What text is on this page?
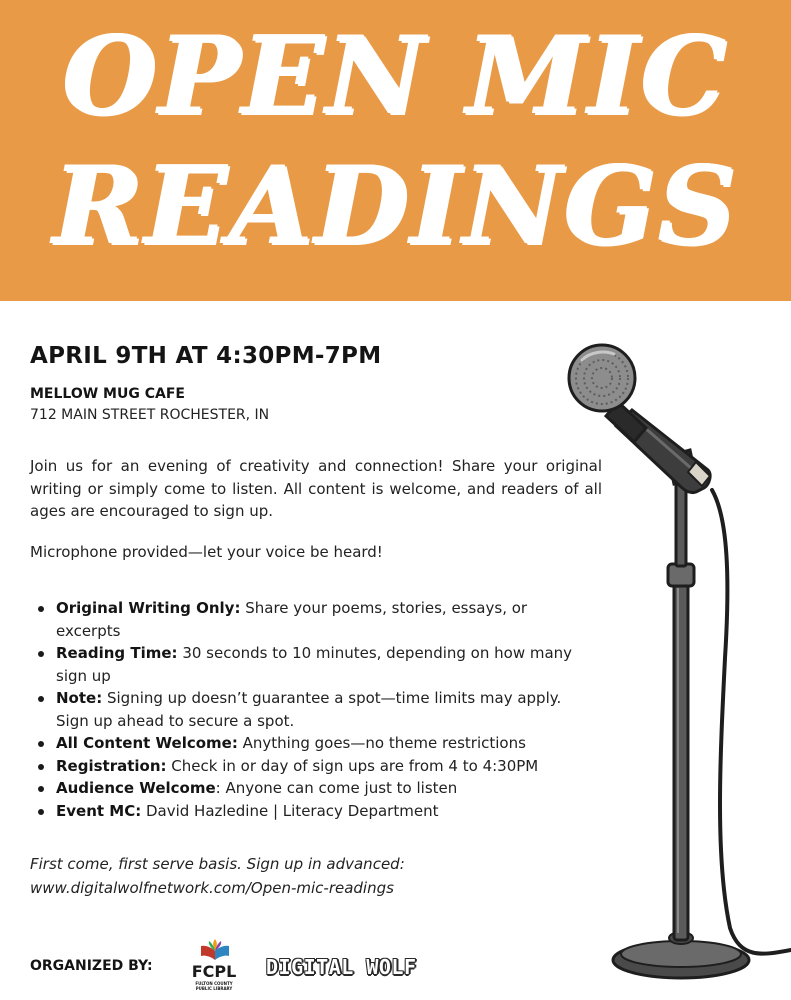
OPEN MIC
READINGS
APRIL 9TH AT 4:30PM-7PM
MELLOW MUG CAFE
712 MAIN STREET ROCHESTER, IN

Join us for an evening of creativity and connection! Share your original writing or simply come to listen. All content is welcome, and readers of all ages are encouraged to sign up.

Microphone provided—let your voice be heard!

Original Writing Only: Share your poems, stories, essays, or excerpts
Reading Time: 30 seconds to 10 minutes, depending on how many sign up
Note: Signing up doesn’t guarantee a spot—time limits may apply. Sign up ahead to secure a spot.
All Content Welcome: Anything goes—no theme restrictions
Registration: Check in or day of sign ups are from 4 to 4:30PM
Audience Welcome: Anyone can come just to listen
Event MC: David Hazledine | Literacy Department
First come, first serve basis. Sign up in advanced:
www.digitalwolfnetwork.com/Open-mic-readings
ORGANIZED BY: FCPL
FULTON COUNTY
PUBLIC LIBRARY
DIGITAL WOLF
